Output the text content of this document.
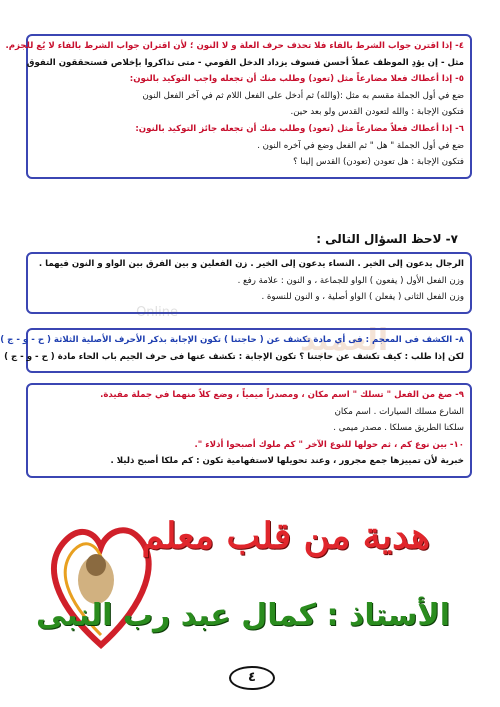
٤- إذا اقترن جواب الشرط بالفاء فلا تحذف حرف العلة و لا النون ؛ لأن اقتران جواب الشرط بالفاء لا يُع للجزم.

مثل - إن يؤدِ الموظف عملاً أحسن فسوف يزداد الدخل القومي - متى تذاكروا بإخلاص فستحققون التفوق

٥- إذا أعطاك فعلا مضارعاً مثل (تعود) وطلب منك أن تجعله واجب التوكيد بالنون:

ضع في أول الجملة مقسم به مثل :(والله) ثم أدخل على الفعل اللام ثم في آخر الفعل النون

فتكون الإجابة : والله لتعودن القدس ولو بعد حين.

٦- إذا أعطاك فعلاً مضارعاً مثل (تعود) وطلب منك أن تجعله جائز التوكيد بالنون:

ضع في أول الجملة " هل " ثم الفعل وضع في آخره النون .

فتكون الإجابة : هل تعودن (تعودن) القدس إلينا ؟

٧- لاحظ السؤال التالى :

الرجال يدعون إلى الخير . النساء يدعون إلى الخير . زن الفعلين و بين الفرق بين الواو و النون فيهما .

وزن الفعل الأول ( يفعون ) الواو للجماعة ، و النون : علامة رفع .

وزن الفعل الثانى ( يفعلن ) الواو أصلية ، و النون للنسوة .

Online
العميد

٨- الكشف فى المعجم : فى أي مادة تكشف عن ( حاجتنا ) تكون الإجابة بذكر الأحرف الأصلية الثلاثة ( ح - و - ج )

لكن إذا طلب : كيف تكشف عن حاجتنا ؟ تكون الإجابة : تكشف عنها فى حرف الجيم باب الحاء مادة ( ح - و - ج )

٩- صغ من الفعل " تسلك " اسم مكان ، ومصدراً ميمياً ، وضع كلاً منهما في جملة مفيدة.

الشارع مسلك السيارات . اسم مكان

سلكنا الطريق مسلكا . مصدر ميمى .

١٠- بين نوع كم ، ثم حولها للنوع الآخر " كم ملوك أصبحوا أذلاء ".

خبرية لأن تمييزها جمع مجرور ، وعند تحويلها لاستفهامية تكون : كم ملكا أصبح ذليلا .

هدية من قلب معلم
الأستاذ : كمال عبد رب النبى
٤
